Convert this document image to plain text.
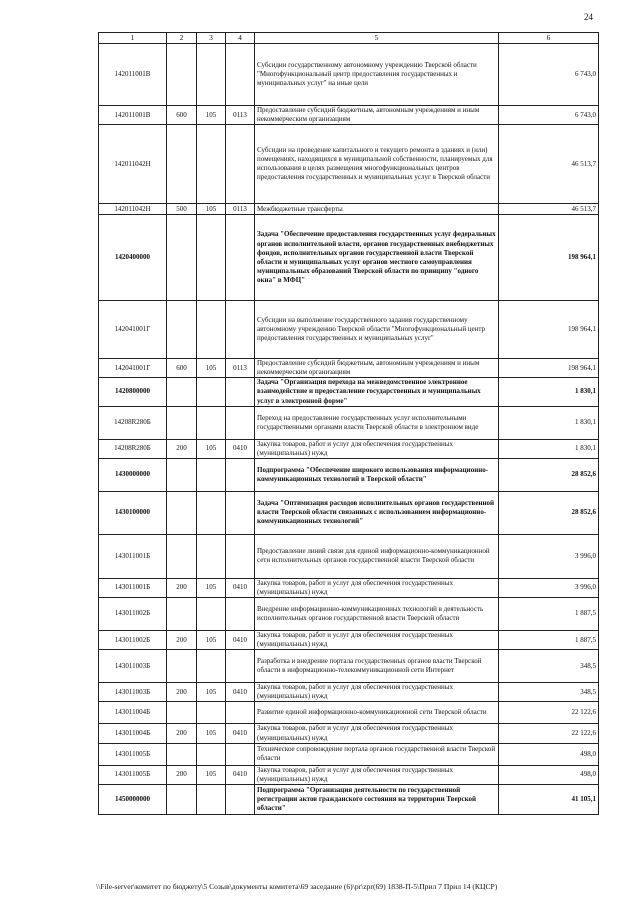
24
1	2	3	4	5	6
142011001В				Субсидии государственному автономному учреждению Тверской области "Многофункциональный центр предоставления государственных и муниципальных услуг" на иные цели	6 743,0
142011001В	600	105	0113	Предоставление субсидий бюджетным, автономным учреждениям и иным некоммерческим организациям	6 743,0
142011042Н				Субсидии на проведение капитального и текущего ремонта в зданиях и (или) помещениях, находящихся в муниципальной собственности, планируемых для использования в целях размещения многофункциональных центров предоставления государственных и муниципальных услуг в Тверской области	46 513,7
142011042Н	500	105	0113	Межбюджетные трансферты	46 513,7
1420400000				Задача "Обеспечение предоставления государственных услуг федеральных органов исполнительной власти, органов государственных внебюджетных фондов, исполнительных органов государственной власти Тверской области и муниципальных услуг органов местного самоуправления муниципальных образований Тверской области по принципу "одного окна" в МФЦ"	198 964,1
142041001Г				Субсидии на выполнение государственного задания государственному автономному учреждению Тверской области "Многофункциональный центр предоставления государственных и муниципальных услуг"	198 964,1
142041001Г	600	105	0113	Предоставление субсидий бюджетным, автономным учреждениям и иным некоммерческим организациям	198 964,1
1420800000				Задача "Организация перехода на межведомственное электронное взаимодействие и предоставление государственных и муниципальных услуг в электронной форме"	1 830,1
14208R280Б				Переход на предоставление государственных услуг исполнительными государственными органами власти Тверской области в электронном виде	1 830,1
14208R280Б	200	105	0410	Закупка товаров, работ и услуг для обеспечения государственных (муниципальных) нужд	1 830,1
1430000000				Подпрограмма "Обеспечение широкого использования информационно-коммуникационных технологий в Тверской области"	28 852,6
1430100000				Задача "Оптимизация расходов исполнительных органов государственной власти Тверской области связанных с использованием информационно-коммуникационных технологий"	28 852,6
143011001Б				Предоставление линий связи для единой информационно-коммуникационной сети исполнительных органов государственной власти Тверской области	3 996,0
143011001Б	200	105	0410	Закупка товаров, работ и услуг для обеспечения государственных (муниципальных) нужд	3 996,0
143011002Б				Внедрение информационно-коммуникационных технологий в деятельность исполнительных органов государственной власти Тверской области	1 887,5
143011002Б	200	105	0410	Закупка товаров, работ и услуг для обеспечения государственных (муниципальных) нужд	1 887,5
143011003Б				Разработка и внедрение портала государственных органов власти Тверской области в информационно-телекоммуникационной сети Интернет	348,5
143011003Б	200	105	0410	Закупка товаров, работ и услуг для обеспечения государственных (муниципальных) нужд	348,5
143011004Б				Развитие единой информационно-коммуникационной сети Тверской области	22 122,6
143011004Б	200	105	0410	Закупка товаров, работ и услуг для обеспечения государственных (муниципальных) нужд	22 122,6
143011005Б				Техническое сопровождение портала органов государственной власти Тверской области	498,0
143011005Б	200	105	0410	Закупка товаров, работ и услуг для обеспечения государственных (муниципальных) нужд	498,0
1450000000				Подпрограмма "Организация деятельности по государственной регистрации актов гражданского состояния на территории Тверской области"	41 105,1
\\File-server\комитет по бюджету\5 Созыв\документы комитета\69 заседание (6)\pr\zpr(69) 1838-П-5\Прил 7 Прил 14 (КЦСР)
